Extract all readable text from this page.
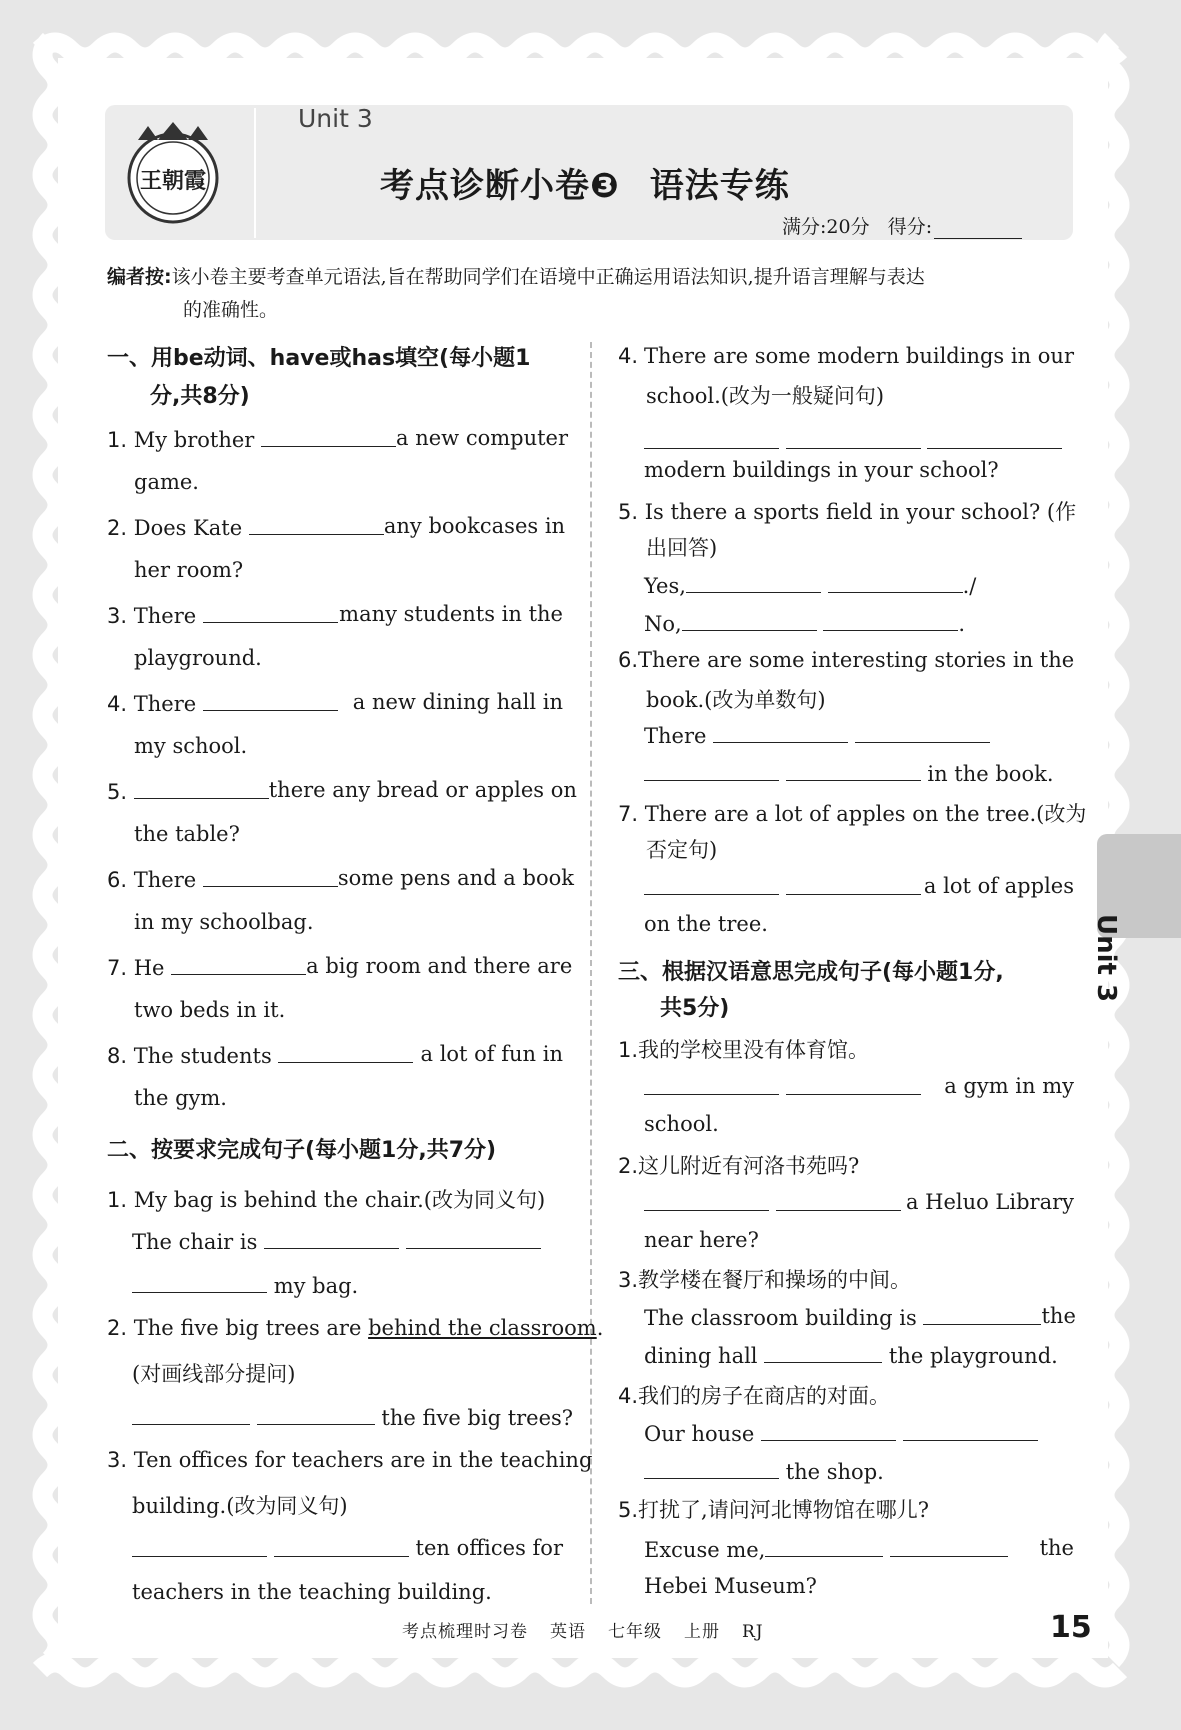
王朝霞
Unit 3
考点诊断小卷❸ 语法专练
满分:20分 得分:
编者按:该小卷主要考查单元语法,旨在帮助同学们在语境中正确运用语法知识,提升语言理解与表达
的准确性。
一、用be动词、have或has填空(每小题1
分,共8分)
1. My brother	a new computer
game.
2. Does Kate	any bookcases in
her room?
3. There	many students in the
playground.
4. There	a new dining hall in
my school.
5.	there any bread or apples on
the table?
6. There	some pens and a book
in my schoolbag.
7. He	a big room and there are
two beds in it.
8. The students	a lot of fun in
the gym.
二、按要求完成句子(每小题1分,共7分)
1. My bag is behind the chair.(改为同义句)
The chair is
my bag.
2. The five big trees are behind the classroom.
(对画线部分提问)
the five big trees?
3. Ten offices for teachers are in the teaching
building.(改为同义句)

ten offices for
teachers in the teaching building.
4. There are some modern buildings in our
school.(改为一般疑问句)

modern buildings in your school?
5. Is there a sports field in your school? (作
出回答)
Yes,	./
No,	.
6. There are some interesting stories in the
book.(改为单数句)
There
in the book.
7. There are a lot of apples on the tree.(改为
否定句)

a lot of apples
on the tree.
三、根据汉语意思完成句子(每小题1分,
共5分)
1.我的学校里没有体育馆。

a gym in my
school.
2.这儿附近有河洛书苑吗?

a Heluo Library
near here?
3.教学楼在餐厅和操场的中间。
The classroom building is	the
dining hall	the playground.
4.我们的房子在商店的对面。
Our house
the shop.
5.打扰了,请问河北博物馆在哪儿?
Excuse me,	the
Hebei Museum?
Unit 3
考点梳理时习卷 英语 七年级 上册 RJ	15
